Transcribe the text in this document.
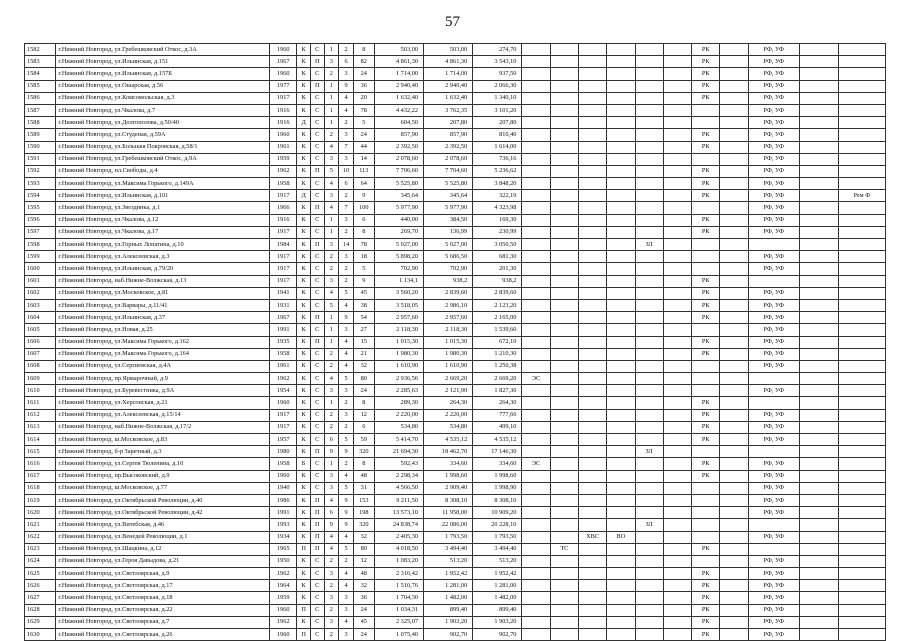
57
1582	г.Нижний Новгород, ул.Гребешковский Откос, д.3А	1960	К	С	1	2	8	503,00	503,00	274,70							РК		РФ, УФ		
1583	г.Нижний Новгород, ул.Ильинская, д.151	1967	К	П	3	6	82	4 861,30	4 861,30	3 543,10							РК		РФ, УФ		
1584	г.Нижний Новгород, ул.Ильинская, д.157Б	1960	К	С	2	3	24	1 714,00	1 714,00	937,50							РК		РФ, УФ		
1585	г.Нижний Новгород, ул.Ошарская, д.56	1977	К	П	1	9	36	2 940,40	2 940,40	2 066,30							РК		РФ, УФ		
1586	г.Нижний Новгород, ул.Комсомольская, д.3	1917	К	С	1	4	20	1 632,40	1 632,40	1 340,10							РК		РФ, УФ		
1587	г.Нижний Новгород, ул.Чкалова, д.7	1916	К	С	1	4	78	4 432,22	3 762,35	3 101,20									РФ, УФ		
1588	г.Нижний Новгород, ул.Долгополова, д.50/40	1916	Д	С	1	2	5	604,50	207,80	207,80									РФ, УФ		
1589	г.Нижний Новгород, ул.Студеная, д.59А	1960	К	С	2	3	24	857,90	857,90	810,40							РК		РФ, УФ		
1590	г.Нижний Новгород, ул.Большая Покровская, д.58/1	1961	К	С	4	7	44	2 392,50	2 392,50	1 614,00							РК		РФ, УФ		
1591	г.Нижний Новгород, ул.Гребешковский Откос, д.9А	1959	К	С	3	3	14	2 078,60	2 078,60	736,16									РФ, УФ		
1592	г.Нижний Новгород, пл.Свободы, д.4	1962	К	П	5	10	113	7 706,60	7 704,60	5 236,62							РК		РФ, УФ		
1593	г.Нижний Новгород, ул.Максима Горького, д.149А	1958	К	С	4	6	64	5 525,80	5 525,80	3 848,20							РК		РФ, УФ		
1594	г.Нижний Новгород, ул.Ильинская, д.101	1917	Д	С	3	2	9	345,64	345,64	322,19							РК		РФ, УФ		Рем Ф
1595	г.Нижний Новгород, ул.Звездинка, д.1	1966	К	П	4	7	100	5 977,90	5 977,90	4 323,98									РФ, УФ		
1596	г.Нижний Новгород, ул.Чкалова, д.12	1916	К	С	1	3	6	440,00	384,50	169,30							РК		РФ, УФ		
1597	г.Нижний Новгород, ул.Чкалова, д.17	1917	К	С	1	2	8	269,70	136,99	230,99							РК		РФ, УФ		
1598	г.Нижний Новгород, ул.Горных Лопатина, д.10	1984	К	П	3	14	78	5 027,00	5 027,00	3 050,50					ЗЛ						
1599	г.Нижний Новгород, ул.Алексеевская, д.3	1917	К	С	2	3	18	5 898,20	5 686,50	681,30									РФ, УФ		
1600	г.Нижний Новгород, ул.Ильинская, д.79/20	1917	К	С	2	2	5	702,90	702,90	201,30									РФ, УФ		
1601	г.Нижний Новгород, наб.Нижне-Волжская, д.13	1917	К	С	3	2	9	1 134,1	938,2	938,2							РК				
1602	г.Нижний Новгород, ул.Московское, д.81	1941	К	С	4	5	45	3 560,20	2 839,60	2 839,60							РК		РФ, УФ		
1603	г.Нижний Новгород, ул.Варвары, д.11/41	1931	К	С	5	4	38	3 518,05	2 986,10	2 123,20							РК		РФ, УФ		
1604	г.Нижний Новгород, ул.Ильинская, д.37	1967	К	П	1	9	54	2 957,60	2 957,60	2 165,00							РК		РФ, УФ		
1605	г.Нижний Новгород, ул.Новая, д.25	1991	К	С	1	3	27	2 118,30	2 118,30	1 539,60									РФ, УФ		
1606	г.Нижний Новгород, ул.Максима Горького, д.162	1935	К	П	1	4	15	1 015,30	1 015,30	672,10							РК		РФ, УФ		
1607	г.Нижний Новгород, ул.Максима Горького, д.164	1958	К	С	2	4	21	1 980,30	1 980,30	1 210,30							РК		РФ, УФ		
1608	г.Нижний Новгород, ул.Сергиевская, д.4А	1961	К	С	2	4	32	1 610,90	1 610,90	1 250,38									РФ, УФ		
1609	г.Нижний Новгород, пр.Ярмарочный, д.9	1962	К	С	4	5	80	2 936,56	2 669,20	2 669,20	ЭС										
1610	г.Нижний Новгород, ул.Буревестника, д.9А	1954	К	С	3	3	24	2 285,63	2 121,90	1 827,30									РФ, УФ		
1611	г.Нижний Новгород, ул.Херсонская, д.21	1960	К	С	1	2	8	289,30	264,30	264,30							РК				
1612	г.Нижний Новгород, ул.Алексеевская, д.15/14	1917	К	С	2	3	12	2 220,00	2 220,00	777,66							РК		РФ, УФ		
1613	г.Нижний Новгород, наб.Нижне-Волжская, д.17/2	1917	К	С	2	2	6	534,80	534,80	499,10							РК		РФ, УФ		
1614	г.Нижний Новгород, ш.Московское, д.83	1957	К	С	6	5	59	5 414,70	4 535,12	4 535,12							РК		РФ, УФ		
1615	г.Нижний Новгород, б-р Заречный, д.3	1980	К	П	9	9	320	21 694,30	18 462,70	17 146,30					ЗЛ						
1616	г.Нижний Новгород, ул.Сергея Тюленина, д.10	1958	Б	С	1	2	8	592,43	334,60	334,60	ЭС						РК		РФ, УФ		
1617	г.Нижний Новгород, пр.Высоковский, д.9	1960	К	С	3	4	48	2 298,34	1 998,60	1 998,60							РК		РФ, УФ		
1618	г.Нижний Новгород, ш.Московское, д.77	1940	К	С	3	5	31	4 566,50	2 909,40	1 998,90									РФ, УФ		
1619	г.Нижний Новгород, ул.Октябрьской Революции, д.40	1986	К	П	4	9	153	9 211,50	8 308,10	8 308,10									РФ, УФ		
1620	г.Нижний Новгород, ул.Октябрьской Революции, д.42	1991	К	П	6	9	198	13 573,10	11 958,00	10 909,20									РФ, УФ		
1621	г.Нижний Новгород, ул.Витебская, д.46	1993	К	П	9	9	320	24 838,74	22 086,00	20 228,10					ЗЛ						
1622	г.Нижний Новгород, ул.Венедей Революции, д.1	1934	К	П	4	4	32	2 405,30	1 793,50	1 793,50			ХВС	ВО					РФ, УФ		
1623	г.Нижний Новгород, ул.Шацкина, д.12	1965	П	П	4	5	80	4 018,50	3 494,40	3 494,40		ТС					РК				
1624	г.Нижний Новгород, ул.Героя Давыдова, д.21	1950	К	С	2	2	12	1 083,20	513,20	513,20									РФ, УФ		
1625	г.Нижний Новгород, ул.Светлоярская, д.9	1962	К	С	3	4	48	2 316,42	1 952,42	1 952,42							РК		РФ, УФ		
1626	г.Нижний Новгород, ул.Светлоярская, д.17	1964	К	С	2	4	32	1 510,76	1 281,00	1 281,00							РК		РФ, УФ		
1627	г.Нижний Новгород, ул.Светлоярская, д.18	1959	К	С	3	3	36	1 704,30	1 482,00	1 482,00							РК		РФ, УФ		
1628	г.Нижний Новгород, ул.Светлоярская, д.22	1960	П	С	2	3	24	1 034,31	899,40	899,40							РК		РФ, УФ		
1629	г.Нижний Новгород, ул.Светлоярская, д.7	1962	К	С	3	4	45	2 325,07	1 903,20	1 903,20							РК		РФ, УФ		
1630	г.Нижний Новгород, ул.Светлоярская, д.26	1960	П	С	2	3	24	1 075,40	902,70	902,70							РК		РФ, УФ		
